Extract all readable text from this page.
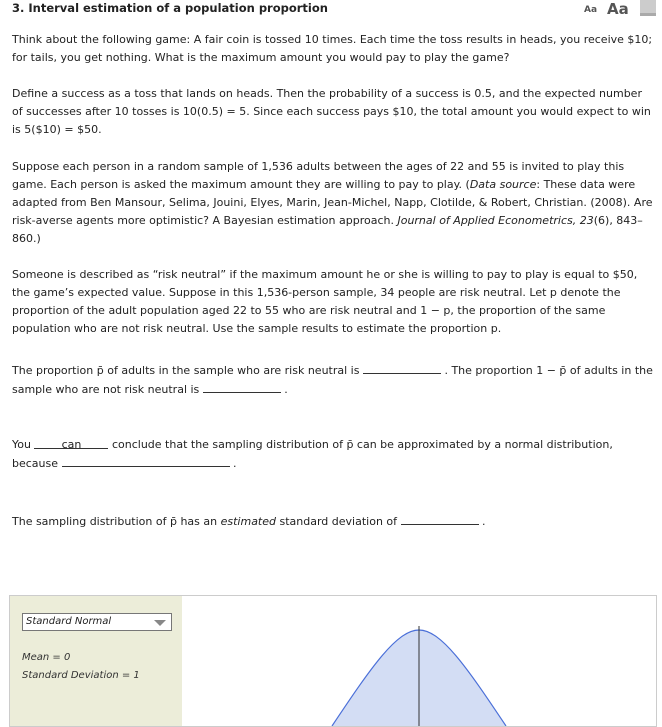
3. Interval estimation of a population proportion	Aa Aa
Think about the following game: A fair coin is tossed 10 times. Each time the toss results in heads, you receive $10; for tails, you get nothing. What is the maximum amount you would pay to play the game?
Define a success as a toss that lands on heads. Then the probability of a success is 0.5, and the expected number of successes after 10 tosses is 10(0.5) = 5. Since each success pays $10, the total amount you would expect to win is 5($10) = $50.
Suppose each person in a random sample of 1,536 adults between the ages of 22 and 55 is invited to play this game. Each person is asked the maximum amount they are willing to pay to play. (Data source: These data were adapted from Ben Mansour, Selima, Jouini, Elyes, Marin, Jean-Michel, Napp, Clotilde, & Robert, Christian. (2008). Are risk-averse agents more optimistic? A Bayesian estimation approach. Journal of Applied Econometrics, 23(6), 843–860.)
Someone is described as “risk neutral” if the maximum amount he or she is willing to pay to play is equal to $50, the game’s expected value. Suppose in this 1,536-person sample, 34 people are risk neutral. Let p denote the proportion of the adult population aged 22 to 55 who are risk neutral and 1 − p, the proportion of the same population who are not risk neutral. Use the sample results to estimate the proportion p.
The proportion p̄ of adults in the sample who are risk neutral is	. The proportion 1 − p̄ of adults in the sample who are not risk neutral is	.
You	can	conclude that the sampling distribution of p̄ can be approximated by a normal distribution, because	.
The sampling distribution of p̄ has an estimated standard deviation of	.
Standard Normal
Mean = 0
Standard Deviation = 1
